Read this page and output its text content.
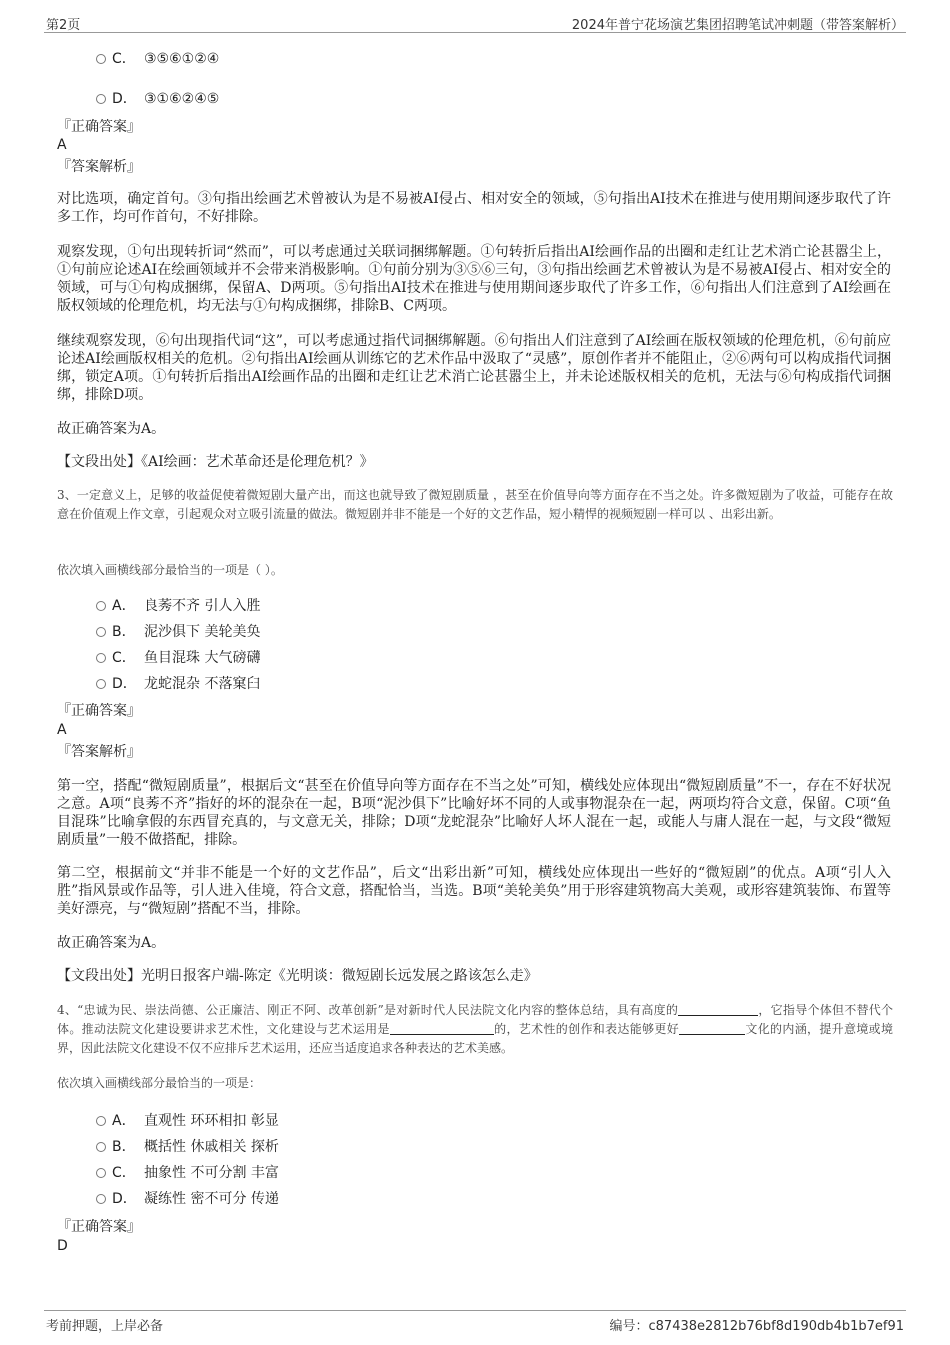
第2页	2024年普宁花场演艺集团招聘笔试冲刺题（带答案解析）
C． ③⑤⑥①②④
D． ③①⑥②④⑤
『正确答案』
A
『答案解析』
对比选项，确定首句。③句指出绘画艺术曾被认为是不易被AI侵占、相对安全的领域，⑤句指出AI技术在推进与使用期间逐步取代了许多工作，均可作首句，不好排除。
观察发现，①句出现转折词“然而”，可以考虑通过关联词捆绑解题。①句转折后指出AI绘画作品的出圈和走红让艺术消亡论甚嚣尘上，①句前应论述AI在绘画领域并不会带来消极影响。①句前分别为③⑤⑥三句，③句指出绘画艺术曾被认为是不易被AI侵占、相对安全的领域，可与①句构成捆绑，保留A、D两项。⑤句指出AI技术在推进与使用期间逐步取代了许多工作，⑥句指出人们注意到了AI绘画在版权领域的伦理危机，均无法与①句构成捆绑，排除B、C两项。
继续观察发现，⑥句出现指代词“这”，可以考虑通过指代词捆绑解题。⑥句指出人们注意到了AI绘画在版权领域的伦理危机，⑥句前应论述AI绘画版权相关的危机。②句指出AI绘画从训练它的艺术作品中汲取了“灵感”，原创作者并不能阻止，②⑥两句可以构成指代词捆绑，锁定A项。①句转折后指出AI绘画作品的出圈和走红让艺术消亡论甚嚣尘上，并未论述版权相关的危机，无法与⑥句构成指代词捆绑，排除D项。
故正确答案为A。
【文段出处】《AI绘画：艺术革命还是伦理危机？》
3、一定意义上，足够的收益促使着微短剧大量产出，而这也就导致了微短剧质量 ，甚至在价值导向等方面存在不当之处。许多微短剧为了收益，可能存在故意在价值观上作文章，引起观众对立吸引流量的做法。微短剧并非不能是一个好的文艺作品，短小精悍的视频短剧一样可以 、出彩出新。
依次填入画横线部分最恰当的一项是（ ）。
A． 良莠不齐 引人入胜
B． 泥沙俱下 美轮美奂
C． 鱼目混珠 大气磅礴
D． 龙蛇混杂 不落窠臼
『正确答案』
A
『答案解析』
第一空，搭配“微短剧质量”，根据后文“甚至在价值导向等方面存在不当之处”可知，横线处应体现出“微短剧质量”不一，存在不好状况之意。A项“良莠不齐”指好的坏的混杂在一起，B项“泥沙俱下”比喻好坏不同的人或事物混杂在一起，两项均符合文意，保留。C项“鱼目混珠”比喻拿假的东西冒充真的，与文意无关，排除；D项“龙蛇混杂”比喻好人坏人混在一起，或能人与庸人混在一起，与文段“微短剧质量”一般不做搭配，排除。
第二空，根据前文“并非不能是一个好的文艺作品”，后文“出彩出新”可知，横线处应体现出一些好的“微短剧”的优点。A项“引人入胜”指风景或作品等，引人进入佳境，符合文意，搭配恰当，当选。B项“美轮美奂”用于形容建筑物高大美观，或形容建筑装饰、布置等美好漂亮，与“微短剧”搭配不当，排除。
故正确答案为A。
【文段出处】光明日报客户端-陈定《光明谈：微短剧长远发展之路该怎么走》
4、“忠诚为民、崇法尚德、公正廉洁、刚正不阿、改革创新”是对新时代人民法院文化内容的整体总结，具有高度的	，它指导个体但不替代个体。推动法院文化建设要讲求艺术性，文化建设与艺术运用是	的，艺术性的创作和表达能够更好	文化的内涵，提升意境或境界，因此法院文化建设不仅不应排斥艺术运用，还应当适度追求各种表达的艺术美感。
依次填入画横线部分最恰当的一项是：
A． 直观性 环环相扣 彰显
B． 概括性 休戚相关 探析
C． 抽象性 不可分割 丰富
D． 凝练性 密不可分 传递
『正确答案』
D
考前押题，上岸必备	编号：c87438e2812b76bf8d190db4b1b7ef91
